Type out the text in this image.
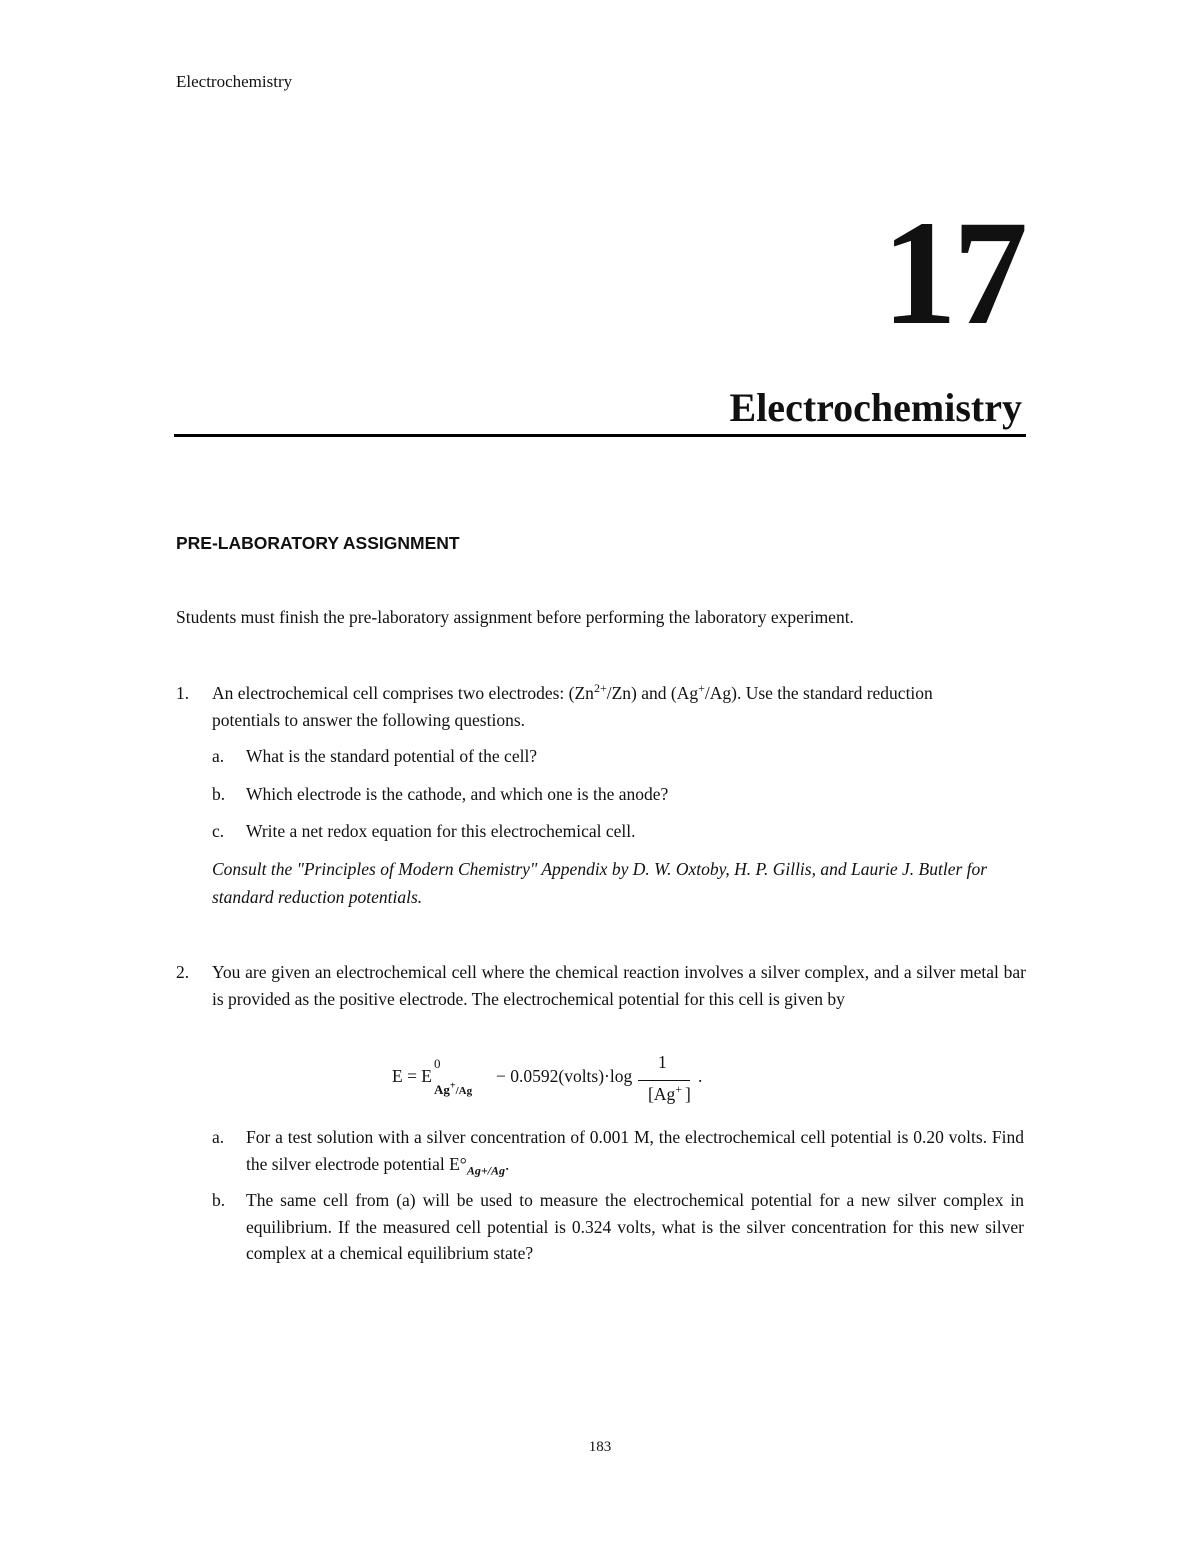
Electrochemistry
17
Electrochemistry
PRE-LABORATORY ASSIGNMENT
Students must finish the pre-laboratory assignment before performing the laboratory experiment.
1. An electrochemical cell comprises two electrodes: $(Zn^{2+}/Zn)$ and (Ag+/Ag). Use the standard reduction
potentials to answer the following questions.
a. What is the standard potential of the cell?
b. Which electrode is the cathode, and which one is the anode?
c. Write a net redox equation for this electrochemical cell.
Consult the "Principles of Modern Chemistry" Appendix by D. W. Oxtoby, H. P. Gillis, and Laurie J. Butler for standard reduction potentials.
2. You are given an electrochemical cell where the chemical reaction involves a silver complex, and a silver metal bar is provided as the positive electrode. The electrochemical potential for this cell is given by
E = E
0
Ag+/Ag
− 0.0592(volts)·log
1
[Ag+ ]
.
a. For a test solution with a silver concentration of 0.001 M, the electrochemical cell potential is 0.20 volts. Find the silver electrode potential $E^\circ_{Ag+/Ag}$.
b. The same cell from (a) will be used to measure the electrochemical potential for a new silver complex in equilibrium. If the measured cell potential is 0.324 volts, what is the silver concentration for this new silver complex at a chemical equilibrium state?
183
